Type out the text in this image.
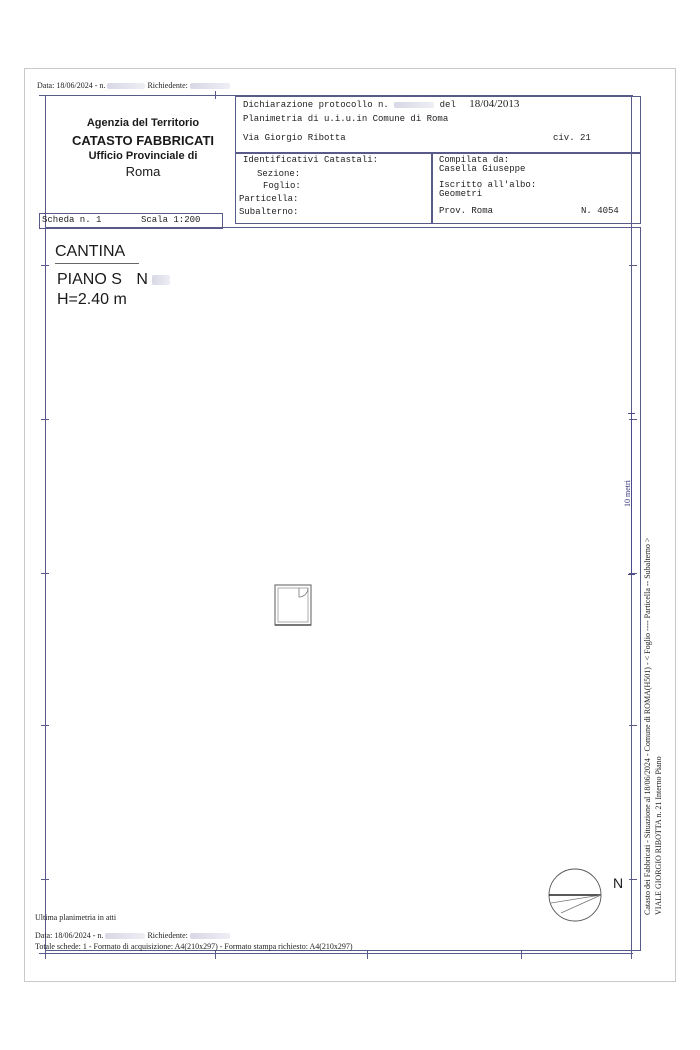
Data: 18/06/2024 - n.	Richiedente:
Agenzia del Territorio
CATASTO FABBRICATI
Ufficio Provinciale di
Roma
Dichiarazione protocollo n.	del 18/04/2013
Planimetria di u.i.u.in Comune di Roma
Via Giorgio Ribotta	civ. 21
Identificativi Catastali:
Sezione:
Foglio:
Particella:
Subalterno:
Compilata da:
Casella Giuseppe
Iscritto all'albo:
Geometri
Prov. Roma	N. 4054
Scheda n. 1	Scala 1:200
CANTINA
PIANO S N
H=2.40 m
10 metri
N Catasto dei Fabbricati - Situazione al 18/06/2024 - Comune di ROMA(H501) - < Foglio ---- Particella -- Subalterno > VIALE GIORGIO RIBOTTA n. 21 Interno Piano
Ultima planimetria in atti
Data: 18/06/2024 - n.	Richiedente:
Totale schede: 1 - Formato di acquisizione: A4(210x297) - Formato stampa richiesto: A4(210x297)
